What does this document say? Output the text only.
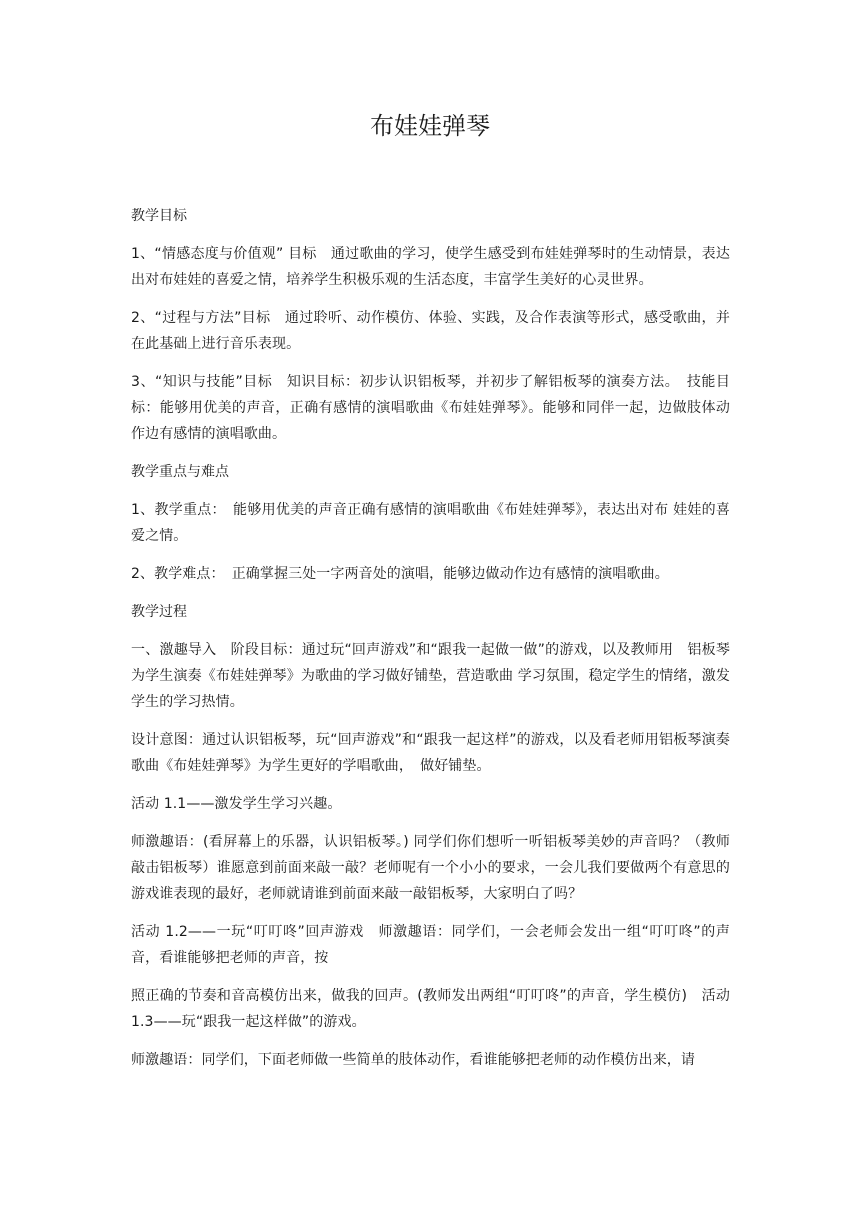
布娃娃弹琴
教学目标
1、“情感态度与价值观” 目标　通过歌曲的学习，使学生感受到布娃娃弹琴时的生动情景，表达出对布娃娃的喜爱之情，培养学生积极乐观的生活态度，丰富学生美好的心灵世界。
2、“过程与方法”目标　通过聆听、动作模仿、体验、实践，及合作表演等形式，感受歌曲，并在此基础上进行音乐表现。
3、“知识与技能”目标　知识目标：初步认识铝板琴，并初步了解铝板琴的演奏方法。　技能目标：能够用优美的声音，正确有感情的演唱歌曲《布娃娃弹琴》。能够和同伴一起，边做肢体动作边有感情的演唱歌曲。
教学重点与难点
1、教学重点：　能够用优美的声音正确有感情的演唱歌曲《布娃娃弹琴》，表达出对布 娃娃的喜爱之情。
2、教学难点：　正确掌握三处一字两音处的演唱，能够边做动作边有感情的演唱歌曲。
教学过程
一、激趣导入　阶段目标：通过玩“回声游戏”和“跟我一起做一做”的游戏，以及教师用　铝板琴为学生演奏《布娃娃弹琴》为歌曲的学习做好铺垫，营造歌曲 学习氛围，稳定学生的情绪，激发学生的学习热情。
设计意图：通过认识铝板琴，玩“回声游戏”和“跟我一起这样”的游戏，以及看老师用铝板琴演奏歌曲《布娃娃弹琴》为学生更好的学唱歌曲，　做好铺垫。
活动 1.1——激发学生学习兴趣。
师激趣语：(看屏幕上的乐器，认识铝板琴。) 同学们你们想听一听铝板琴美妙的声音吗？（教师敲击铝板琴）谁愿意到前面来敲一敲？老师呢有一个小小的要求，一会儿我们要做两个有意思的游戏谁表现的最好，老师就请谁到前面来敲一敲铝板琴，大家明白了吗？
活动 1.2——一玩“叮叮咚”回声游戏　师激趣语：同学们，一会老师会发出一组“叮叮咚”的声音，看谁能够把老师的声音，按
照正确的节奏和音高模仿出来，做我的回声。(教师发出两组“叮叮咚”的声音，学生模仿)　活动 1.3——玩“跟我一起这样做”的游戏。
师激趣语：同学们，下面老师做一些简单的肢体动作，看谁能够把老师的动作模仿出来，请
